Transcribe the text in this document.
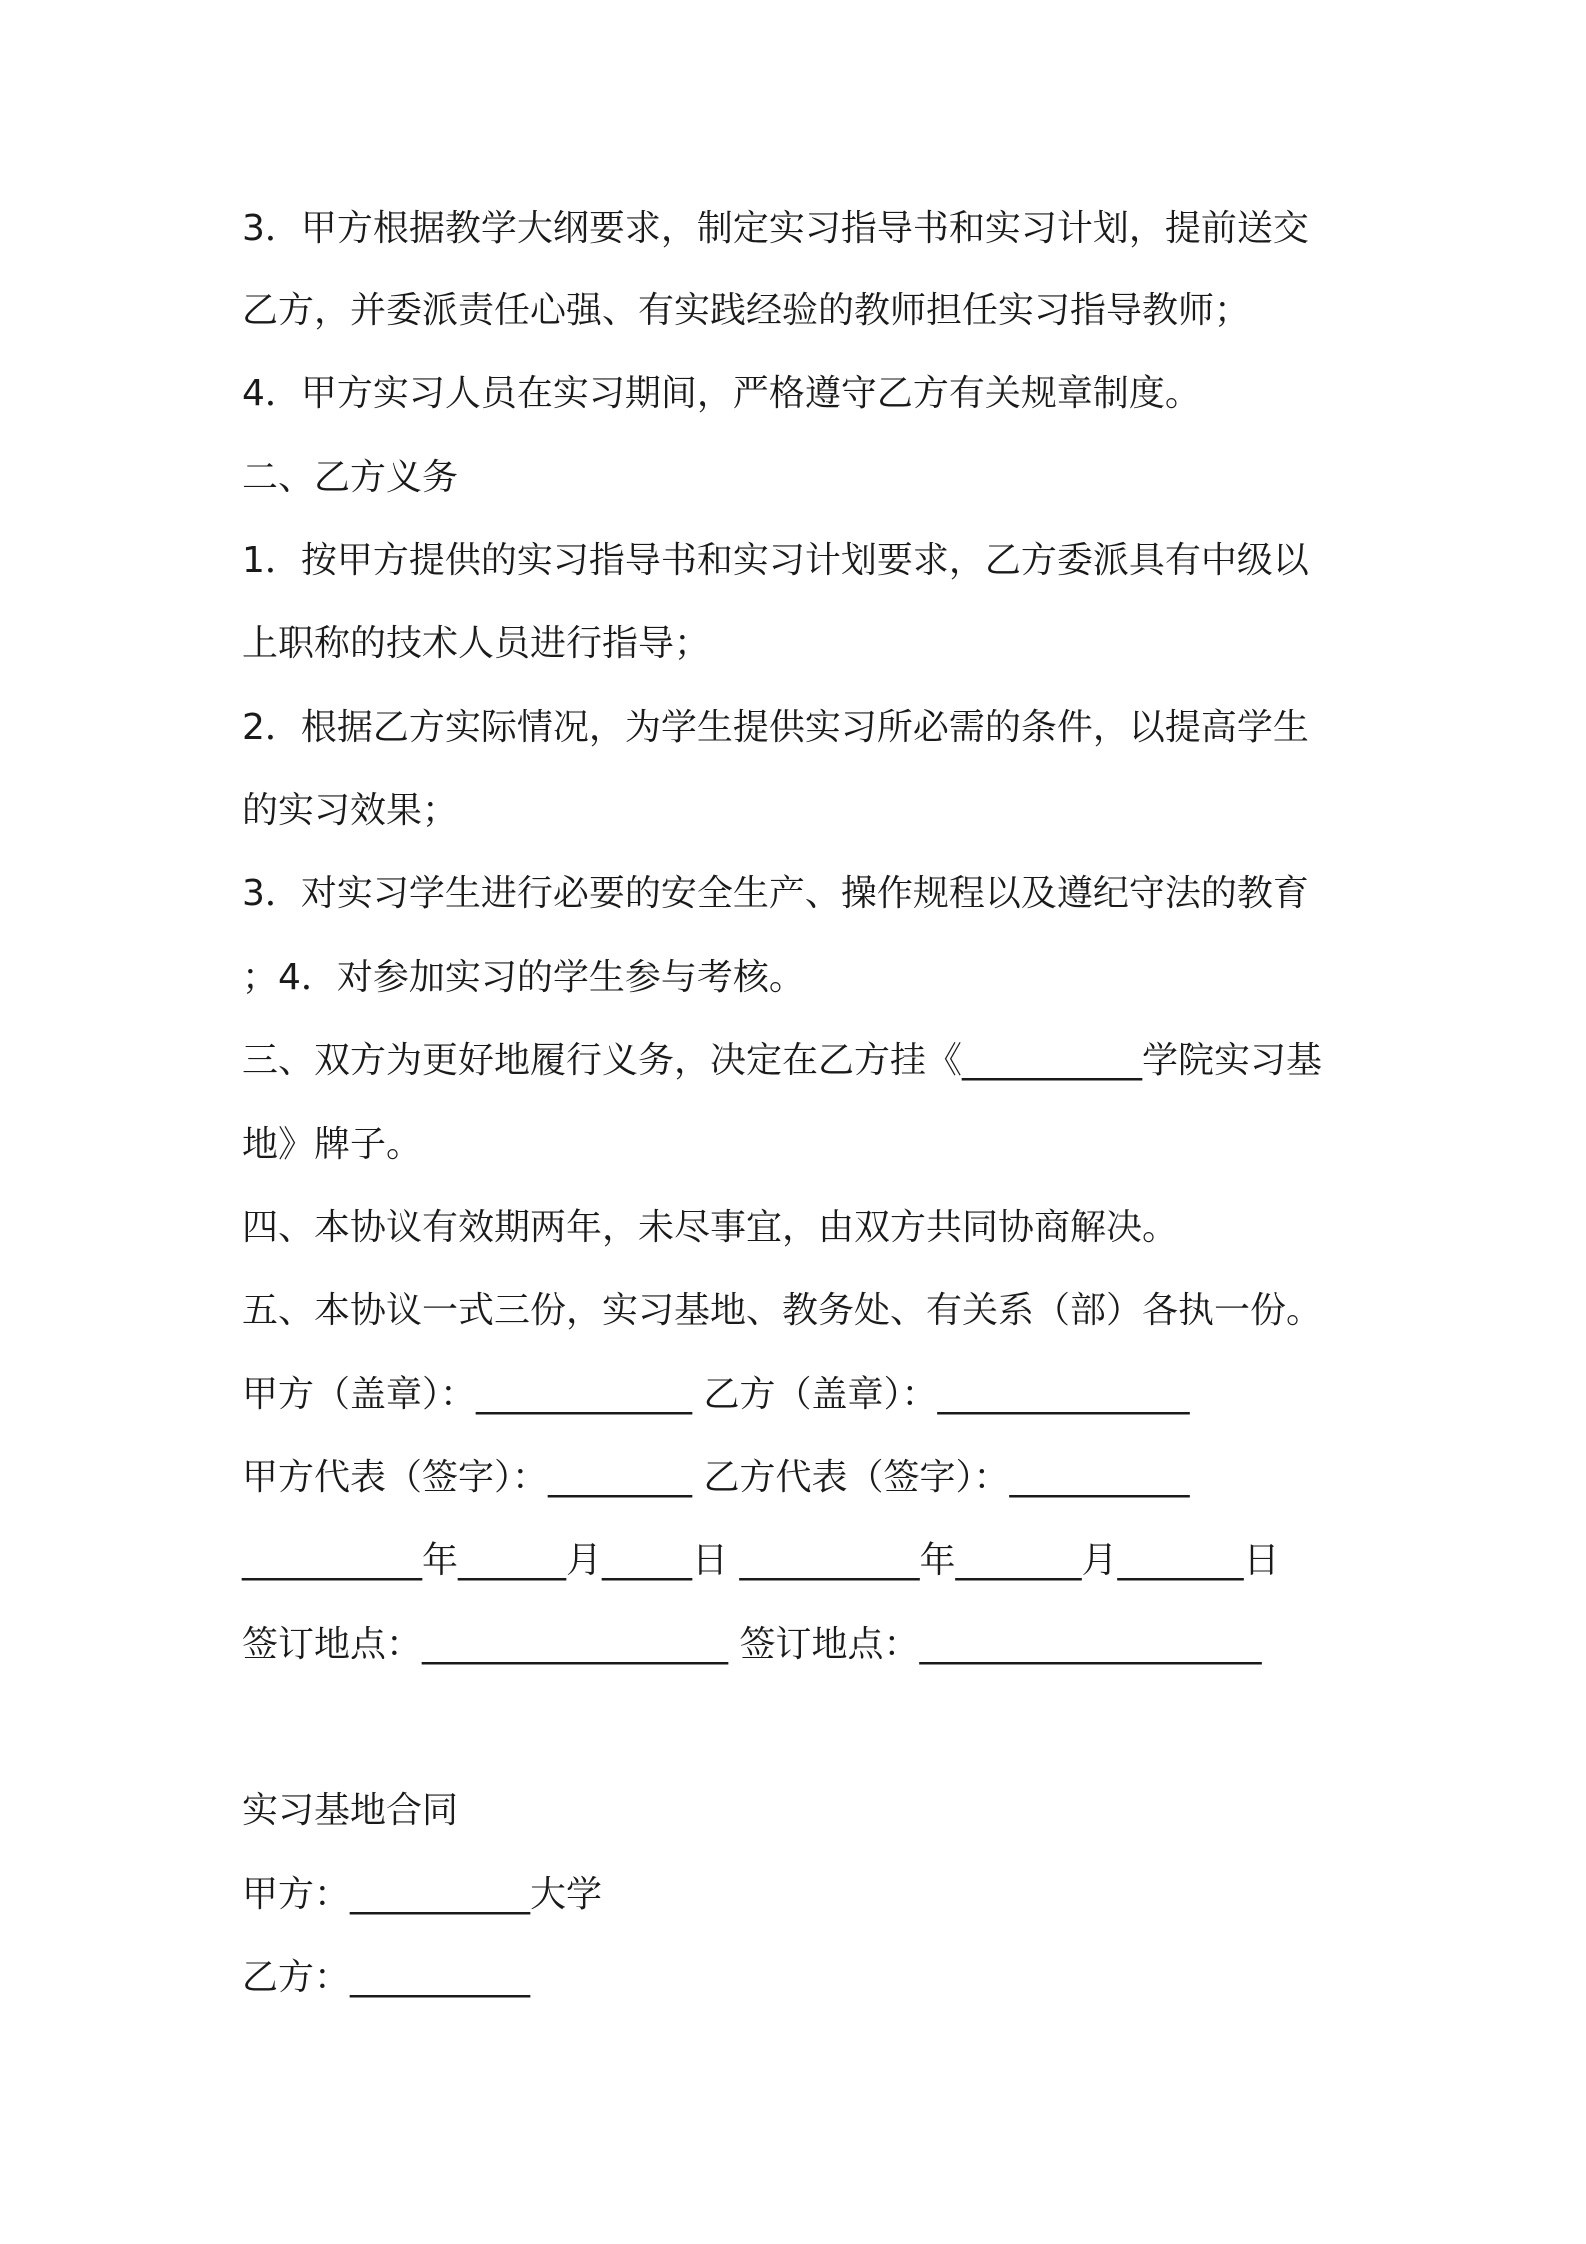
3．甲方根据教学大纲要求，制定实习指导书和实习计划，提前送交
乙方，并委派责任心强、有实践经验的教师担任实习指导教师；
4．甲方实习人员在实习期间，严格遵守乙方有关规章制度。
二、乙方义务
1．按甲方提供的实习指导书和实习计划要求，乙方委派具有中级以
上职称的技术人员进行指导；
2．根据乙方实际情况，为学生提供实习所必需的条件，以提高学生
的实习效果；
3．对实习学生进行必要的安全生产、操作规程以及遵纪守法的教育
；4．对参加实习的学生参与考核。
三、双方为更好地履行义务，决定在乙方挂《__________学院实习基
地》牌子。
四、本协议有效期两年，未尽事宜，由双方共同协商解决。
五、本协议一式三份，实习基地、教务处、有关系（部）各执一份。
甲方（盖章）：____________ 乙方（盖章）：______________
甲方代表（签字）：________ 乙方代表（签字）：__________
__________年______月_____日 __________年_______月_______日
签订地点：_________________ 签订地点：___________________
实习基地合同
甲方：__________大学
乙方：__________
